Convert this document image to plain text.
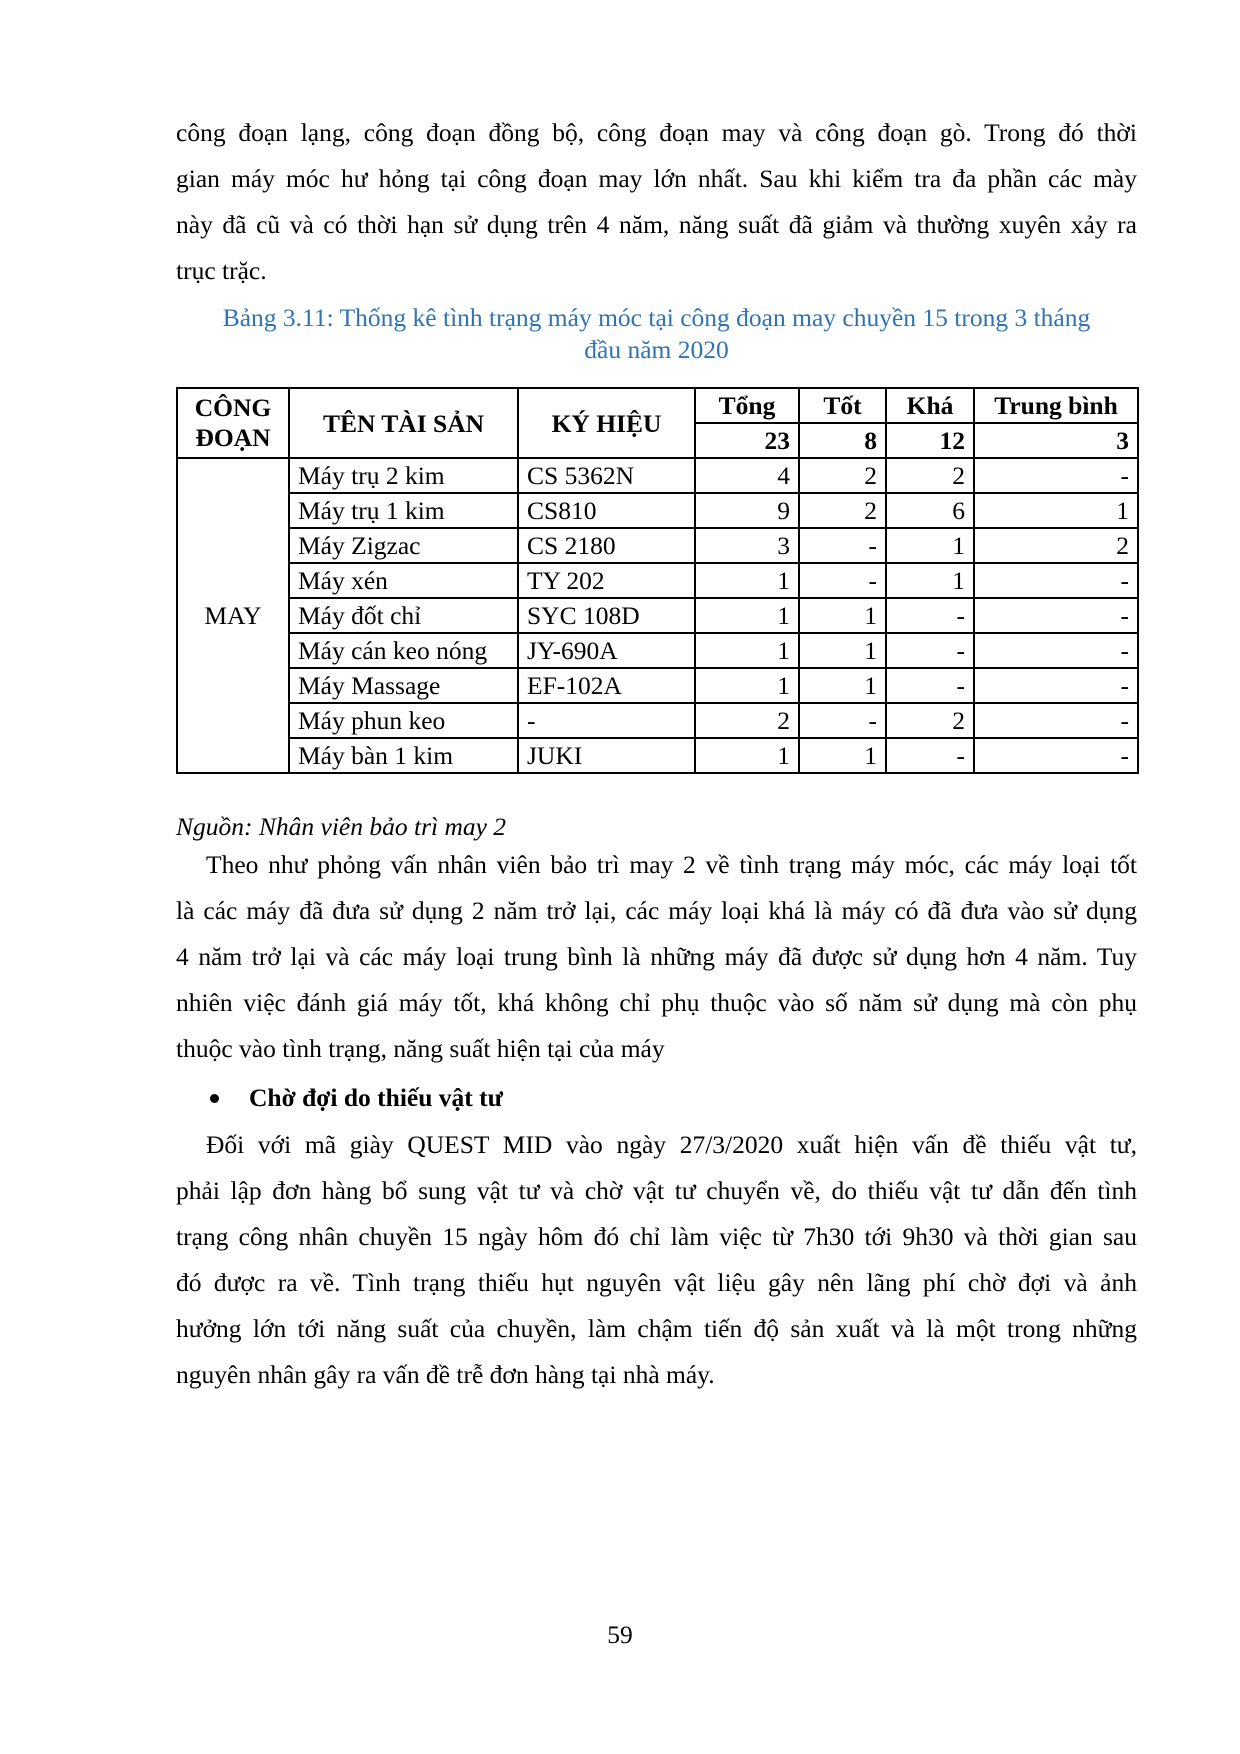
công đoạn lạng, công đoạn đồng bộ, công đoạn may và công đoạn gò. Trong đó thời
gian máy móc hư hỏng tại công đoạn may lớn nhất. Sau khi kiểm tra đa phần các mày
này đã cũ và có thời hạn sử dụng trên 4 năm, năng suất đã giảm và thường xuyên xảy ra
trục trặc.
Bảng 3.11: Thống kê tình trạng máy móc tại công đoạn may chuyền 15 trong 3 tháng
đầu năm 2020
CÔNG ĐOẠN	TÊN TÀI SẢN	KÝ HIỆU	Tổng	Tốt	Khá	Trung bình
			23	8	12	3
MAY	Máy trụ 2 kim	CS 5362N	4	2	2	-
	Máy trụ 1 kim	CS810	9	2	6	1
	Máy Zigzac	CS 2180	3	-	1	2
	Máy xén	TY 202	1	-	1	-
	Máy đốt chỉ	SYC 108D	1	1	-	-
	Máy cán keo nóng	JY-690A	1	1	-	-
	Máy Massage	EF-102A	1	1	-	-
	Máy phun keo	-	2	-	2	-
	Máy bàn 1 kim	JUKI	1	1	-	-
Nguồn: Nhân viên bảo trì may 2
Theo như phỏng vấn nhân viên bảo trì may 2 về tình trạng máy móc, các máy loại tốt
là các máy đã đưa sử dụng 2 năm trở lại, các máy loại khá là máy có đã đưa vào sử dụng
4 năm trở lại và các máy loại trung bình là những máy đã được sử dụng hơn 4 năm. Tuy
nhiên việc đánh giá máy tốt, khá không chỉ phụ thuộc vào số năm sử dụng mà còn phụ
thuộc vào tình trạng, năng suất hiện tại của máy
Chờ đợi do thiếu vật tư
Đối với mã giày QUEST MID vào ngày 27/3/2020 xuất hiện vấn đề thiếu vật tư,
phải lập đơn hàng bổ sung vật tư và chờ vật tư chuyển về, do thiếu vật tư dẫn đến tình
trạng công nhân chuyền 15 ngày hôm đó chỉ làm việc từ 7h30 tới 9h30 và thời gian sau
đó được ra về. Tình trạng thiếu hụt nguyên vật liệu gây nên lãng phí chờ đợi và ảnh
hưởng lớn tới năng suất của chuyền, làm chậm tiến độ sản xuất và là một trong những
nguyên nhân gây ra vấn đề trễ đơn hàng tại nhà máy.
59
